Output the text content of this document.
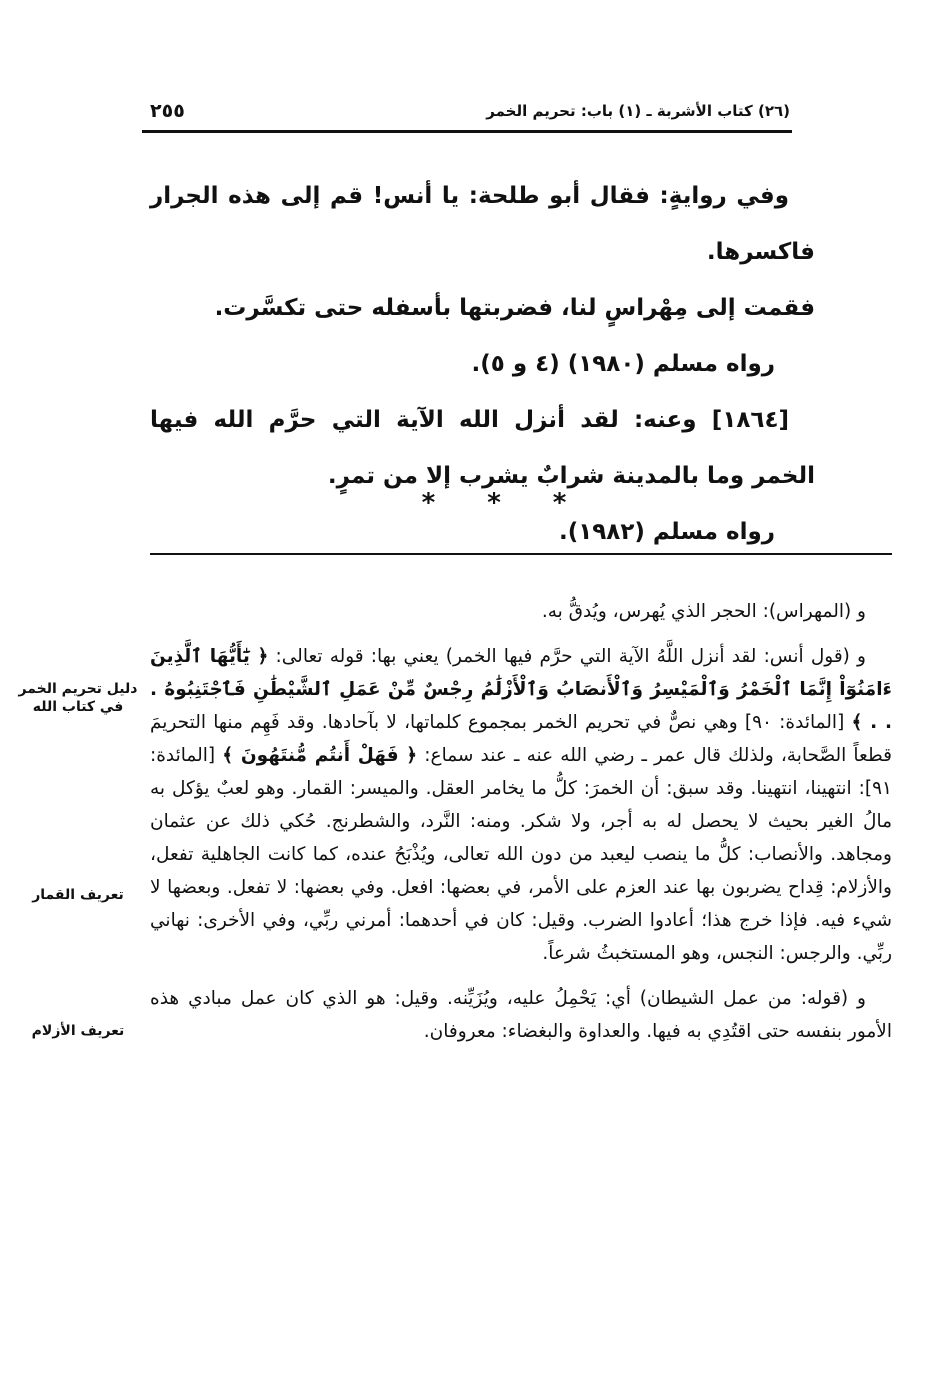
٢٥٥	(٢٦) كتاب الأشربة ـ (١) باب: تحريم الخمر

وفي روايةٍ: فقال أبو طلحة: يا أنس! قم إلى هذه الجرار فاكسرها.

فقمت إلى مِهْراسٍ لنا، فضربتها بأسفله حتى تكسَّرت.

رواه مسلم (١٩٨٠) (٤ و ٥).

[١٨٦٤] وعنه: لقد أنزل الله الآية التي حرَّم الله فيها الخمر وما بالمدينة شرابٌ يشرب إلا من تمرٍ.

رواه مسلم (١٩٨٢).

***

و (المهراس): الحجر الذي يُهرس، ويُدقُّ به.

و (قول أنس: لقد أنزل اللَّهُ الآية التي حرَّم فيها الخمر) يعني بها: قوله تعالى: ﴿ يَٰٓأَيُّهَا ٱلَّذِينَ ءَامَنُوٓاْ إِنَّمَا ٱلْخَمْرُ وَٱلْمَيْسِرُ وَٱلْأَنصَابُ وَٱلْأَزْلَٰمُ رِجْسٌ مِّنْ عَمَلِ ٱلشَّيْطَٰنِ فَٱجْتَنِبُوهُ . . . ﴾ [المائدة: ٩٠] وهي نصٌّ في تحريم الخمر بمجموع كلماتها، لا بآحادها. وقد فَهِم منها التحريمَ قطعاً الصَّحابة، ولذلك قال عمر ـ رضي الله عنه ـ عند سماع: ﴿ فَهَلْ أَنتُم مُّنتَهُونَ ﴾ [المائدة: ٩١]: انتهينا، انتهينا. وقد سبق: أن الخمرَ: كلُّ ما يخامر العقل. والميسر: القمار. وهو لعبٌ يؤكل به مالُ الغير بحيث لا يحصل له به أجر، ولا شكر. ومنه: النَّرد، والشطرنج. حُكي ذلك عن عثمان ومجاهد. والأنصاب: كلُّ ما ينصب ليعبد من دون الله تعالى، ويُذْبَحُ عنده، كما كانت الجاهلية تفعل، والأزلام: قِداح يضربون بها عند العزم على الأمر، في بعضها: افعل. وفي بعضها: لا تفعل. وبعضها لا شيء فيه. فإذا خرج هذا؛ أعادوا الضرب. وقيل: كان في أحدهما: أمرني ربِّي، وفي الأخرى: نهاني ربِّي. والرجس: النجس، وهو المستخبثُ شرعاً.

و (قوله: من عمل الشيطان) أي: يَحْمِلُ عليه، ويُزَيِّنه. وقيل: هو الذي كان عمل مبادي هذه الأمور بنفسه حتى اقتُدِي به فيها. والعداوة والبغضاء: معروفان.

دليل تحريم الخمر في كتاب الله
تعريف القمار
تعريف الأزلام
